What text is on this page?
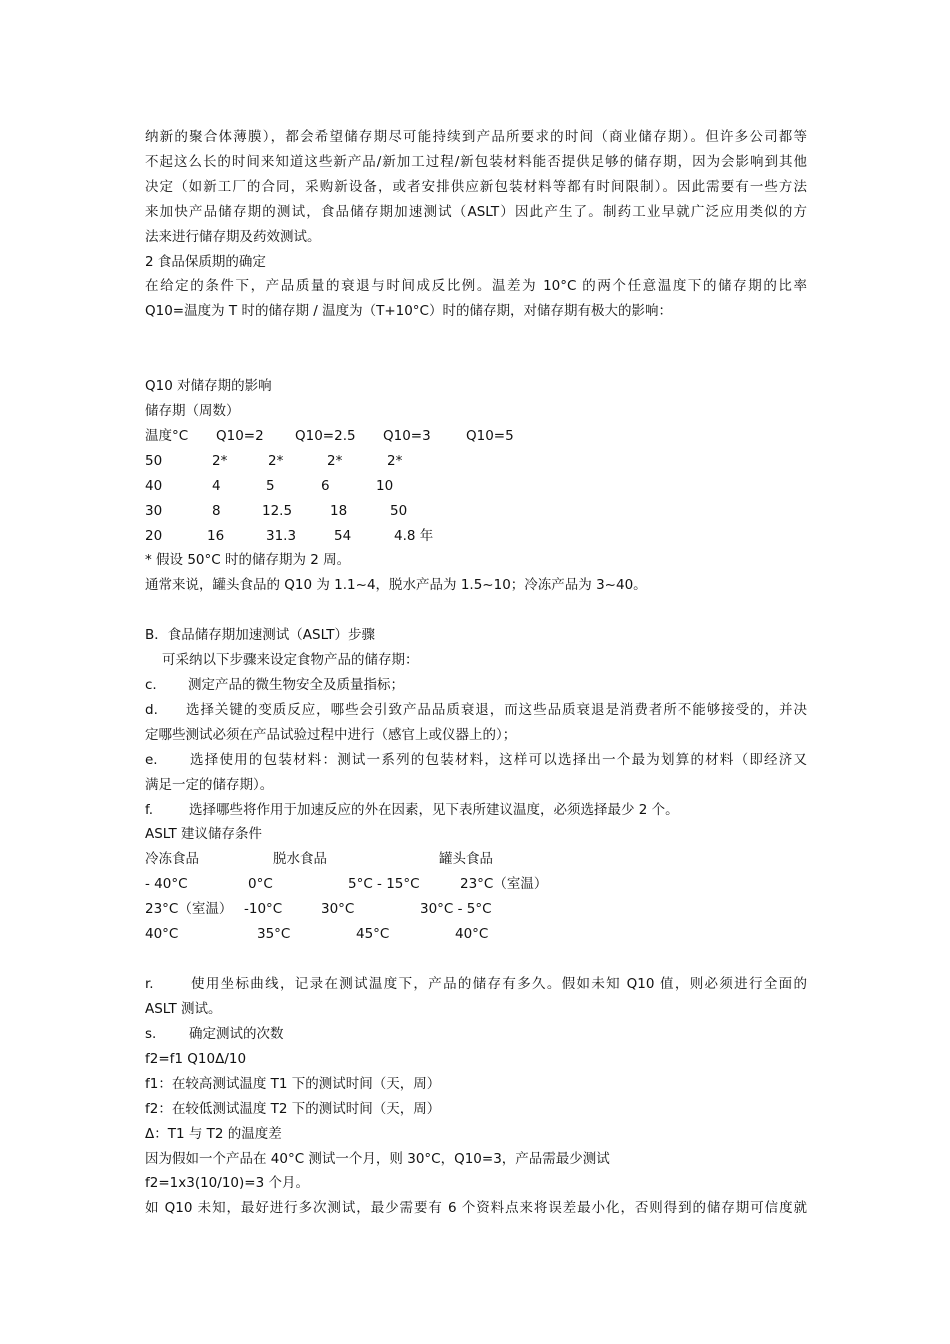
纳新的聚合体薄膜），都会希望储存期尽可能持续到产品所要求的时间（商业储存期）。但许多公司都等
不起这么长的时间来知道这些新产品/新加工过程/新包装材料能否提供足够的储存期，因为会影响到其他
决定（如新工厂的合同，采购新设备，或者安排供应新包装材料等都有时间限制）。因此需要有一些方法
来加快产品储存期的测试，食品储存期加速测试（ASLT）因此产生了。制药工业早就广泛应用类似的方
法来进行储存期及药效测试。
2 食品保质期的确定
在给定的条件下，产品质量的衰退与时间成反比例。温差为 10°C 的两个任意温度下的储存期的比率
Q10=温度为 T 时的储存期 / 温度为（T+10°C）时的储存期，对储存期有极大的影响：
Q10 对储存期的影响
储存期（周数）
温度°C Q10=2 Q10=2.5 Q10=3	Q10=5
50	2*	2*	2*	2*
40	4	5	6	10
30	8	12.5	18	50
20	16	31.3	54	4.8 年
* 假设 50°C 时的储存期为 2 周。
通常来说，罐头食品的 Q10 为 1.1~4，脱水产品为 1.5~10；冷冻产品为 3~40。
B．食品储存期加速测试（ASLT）步骤
可采纳以下步骤来设定食物产品的储存期：
c. 测定产品的微生物安全及质量指标；
d. 选择关键的变质反应，哪些会引致产品品质衰退，而这些品质衰退是消费者所不能够接受的，并决
定哪些测试必须在产品试验过程中进行（感官上或仪器上的）；
e. 选择使用的包装材料：测试一系列的包装材料，这样可以选择出一个最为划算的材料（即经济又
满足一定的储存期）。
f.	选择哪些将作用于加速反应的外在因素，见下表所建议温度，必须选择最少 2 个。
ASLT 建议储存条件
冷冻食品	脱水食品	罐头食品
- 40°C	0°C	5°C - 15°C	23°C（室温）
23°C（室温） -10°C	30°C	30°C - 5°C
40°C	35°C	45°C	40°C
r.	使用坐标曲线，记录在测试温度下，产品的储存有多久。假如未知 Q10 值，则必须进行全面的
ASLT 测试。
s. 确定测试的次数
f2=f1 Q10Δ/10
f1：在较高测试温度 T1 下的测试时间（天，周）
f2：在较低测试温度 T2 下的测试时间（天，周）
Δ：T1 与 T2 的温度差
因为假如一个产品在 40°C 测试一个月，则 30°C，Q10=3，产品需最少测试
f2=1x3(10/10)=3 个月。
如 Q10 未知，最好进行多次测试，最少需要有 6 个资料点来将误差最小化，否则得到的储存期可信度就
